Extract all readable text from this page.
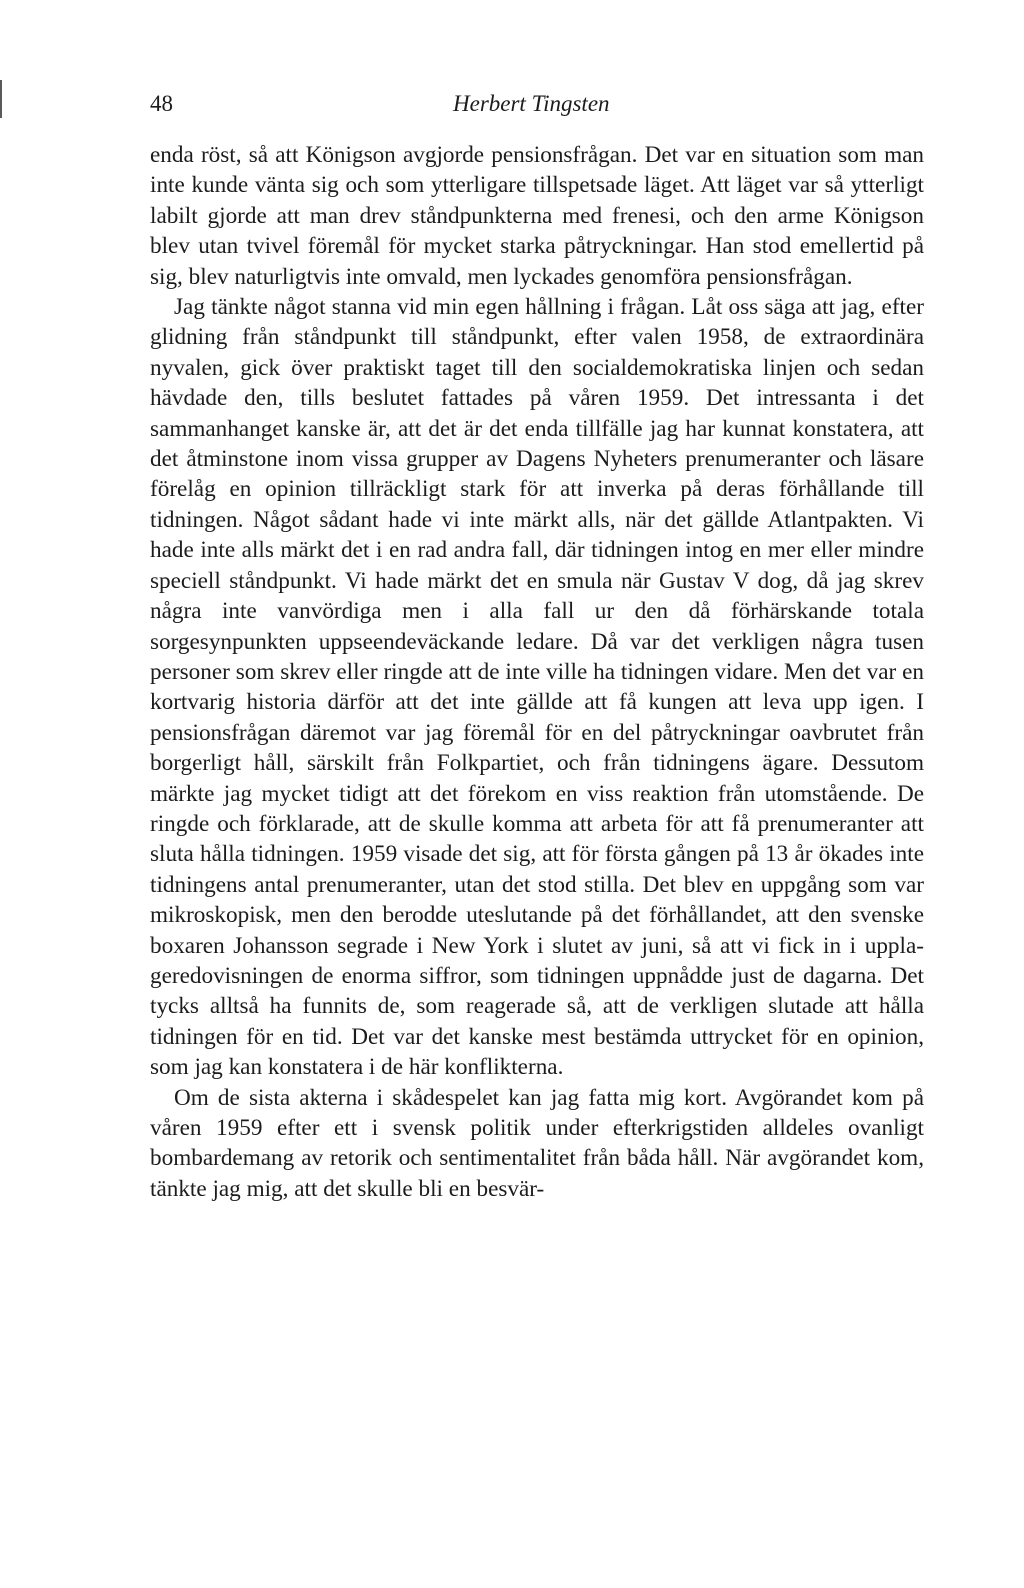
48	Herbert Tingsten

enda röst, så att Königson avgjorde pensionsfrågan. Det var en situation som man inte kunde vänta sig och som ytterligare tillspetsade läget. Att läget var så ytterligt labilt gjorde att man drev ståndpunkterna med frenesi, och den arme Königson blev utan tvivel föremål för mycket starka påtryckningar. Han stod emellertid på sig, blev naturligtvis inte omvald, men lyckades genomföra pensionsfrågan.

Jag tänkte något stanna vid min egen hållning i frågan. Låt oss säga att jag, efter glidning från ståndpunkt till ståndpunkt, efter valen 1958, de extraordinära nyvalen, gick över praktiskt taget till den socialdemokratiska linjen och sedan hävdade den, tills beslutet fattades på våren 1959. Det intressanta i det sammanhanget kanske är, att det är det enda tillfälle jag har kunnat konstatera, att det åtminstone inom vissa grupper av Dagens Nyheters prenumeranter och läsare förelåg en opinion tillräckligt stark för att inverka på deras förhållande till tidningen. Något sådant hade vi inte märkt alls, när det gällde Atlantpakten. Vi hade inte alls märkt det i en rad andra fall, där tidningen intog en mer eller mindre speciell ståndpunkt. Vi hade märkt det en smula när Gustav V dog, då jag skrev några inte vanvördiga men i alla fall ur den då förhärskande totala sorgesynpunkten uppseendeväckande ledare. Då var det verkligen några tusen personer som skrev eller ringde att de inte ville ha tidningen vidare. Men det var en kortvarig historia därför att det inte gällde att få kungen att leva upp igen. I pensionsfrågan däremot var jag föremål för en del påtryckningar oavbrutet från borgerligt håll, särskilt från Folkpartiet, och från tidningens ägare. Dessutom märkte jag mycket tidigt att det förekom en viss reaktion från utomstående. De ringde och förklarade, att de skulle komma att arbeta för att få prenumeranter att sluta hålla tidningen. 1959 visade det sig, att för första gången på 13 år ökades inte tidningens antal prenumeranter, utan det stod stilla. Det blev en uppgång som var mikroskopisk, men den berodde uteslutande på det förhållandet, att den svenske boxaren Johansson segrade i New York i slutet av juni, så att vi fick in i upplageredovisningen de enorma siffror, som tidningen uppnådde just de dagarna. Det tycks alltså ha funnits de, som reagerade så, att de verkligen slutade att hålla tidningen för en tid. Det var det kanske mest bestämda uttrycket för en opinion, som jag kan konstatera i de här konflikterna.

Om de sista akterna i skådespelet kan jag fatta mig kort. Avgörandet kom på våren 1959 efter ett i svensk politik under efterkrigstiden alldeles ovanligt bombardemang av retorik och sentimentalitet från båda håll. När avgörandet kom, tänkte jag mig, att det skulle bli en besvär-
